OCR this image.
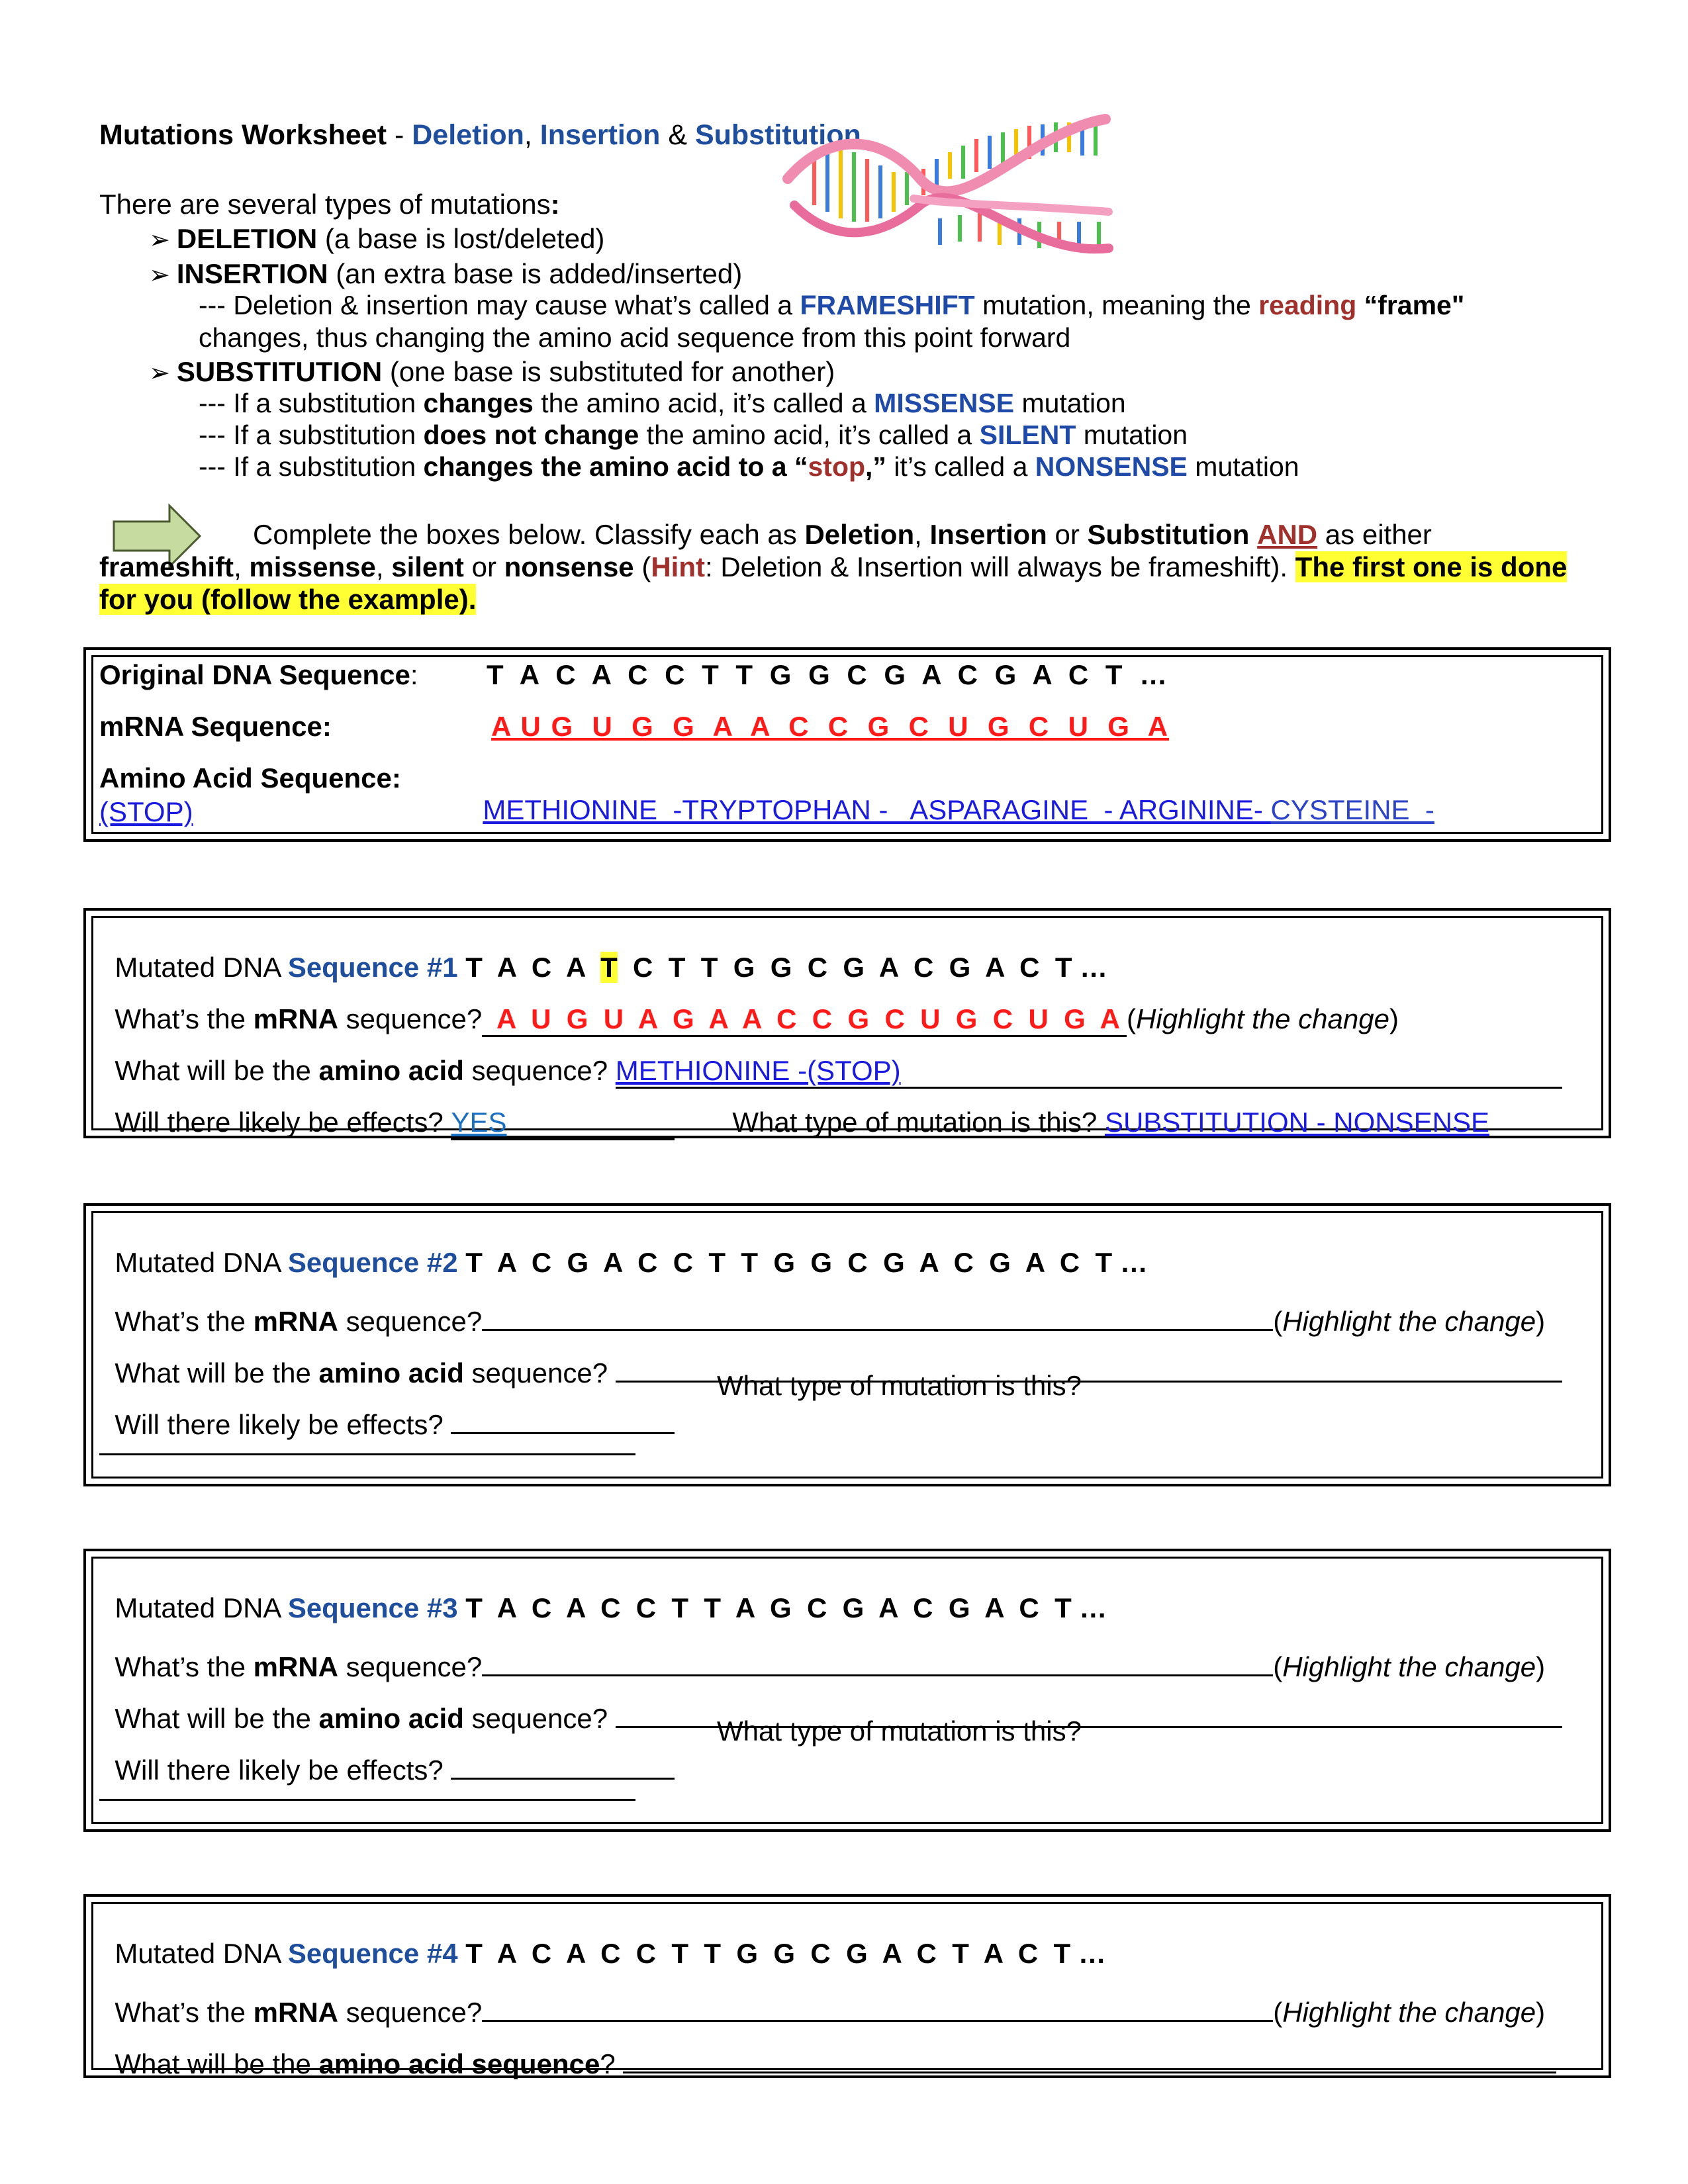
Mutations Worksheet - Deletion, Insertion & Substitution
There are several types of mutations:
➢ DELETION (a base is lost/deleted)
➢ INSERTION (an extra base is added/inserted)
--- Deletion & insertion may cause what’s called a FRAMESHIFT mutation, meaning the reading “frame"
changes, thus changing the amino acid sequence from this point forward
➢ SUBSTITUTION (one base is substituted for another)
--- If a substitution changes the amino acid, it’s called a MISSENSE mutation
--- If a substitution does not change the amino acid, it’s called a SILENT mutation
--- If a substitution changes the amino acid to a “stop,” it’s called a NONSENSE mutation
Complete the boxes below. Classify each as Deletion, Insertion or Substitution AND as either
frameshift, missense, silent or nonsense (Hint: Deletion & Insertion will always be frameshift). The first one is done
for you (follow the example).
Original DNA Sequence: T A C A C C T T G G C G A C G A C T …
mRNA Sequence:	A U G  U  G  G  A  A  C  C  G  C  U  G  C  U  G  A
Amino Acid Sequence:

METHIONINE  -TRYPTOPHAN -   ASPARAGINE  - ARGININE- CYSTEINE  -

(STOP)

Mutated DNA Sequence #1 T  A  C  A  T  C  T  T  G  G  C  G  A  C  G  A  C  T …

What’s the mRNA sequence?  A  U  G  U  A  G  A  A  C  C  G  C  U  G  C  U  G  A (Highlight the change)

What will be the amino acid sequence? METHIONINE -(STOP)

Will there likely be effects? YES	What type of mutation is this? SUBSTITUTION - NONSENSE

Mutated DNA Sequence #2 T  A  C  G  A  C  C  T  T  G  G  C  G  A  C  G  A  C  T …

What’s the mRNA sequence?	(Highlight the change)

What will be the amino acid sequence?

Will there likely be effects?

What type of mutation is this?

Mutated DNA Sequence #3 T  A  C  A  C  C  T  T  A  G  C  G  A  C  G  A  C  T …

What’s the mRNA sequence?	(Highlight the change)

What will be the amino acid sequence?

Will there likely be effects?

What type of mutation is this?

Mutated DNA Sequence #4 T  A  C  A  C  C  T  T  G  G  C  G  A  C  T  A  C  T …

What’s the mRNA sequence?	(Highlight the change)

What will be the amino acid sequence?
